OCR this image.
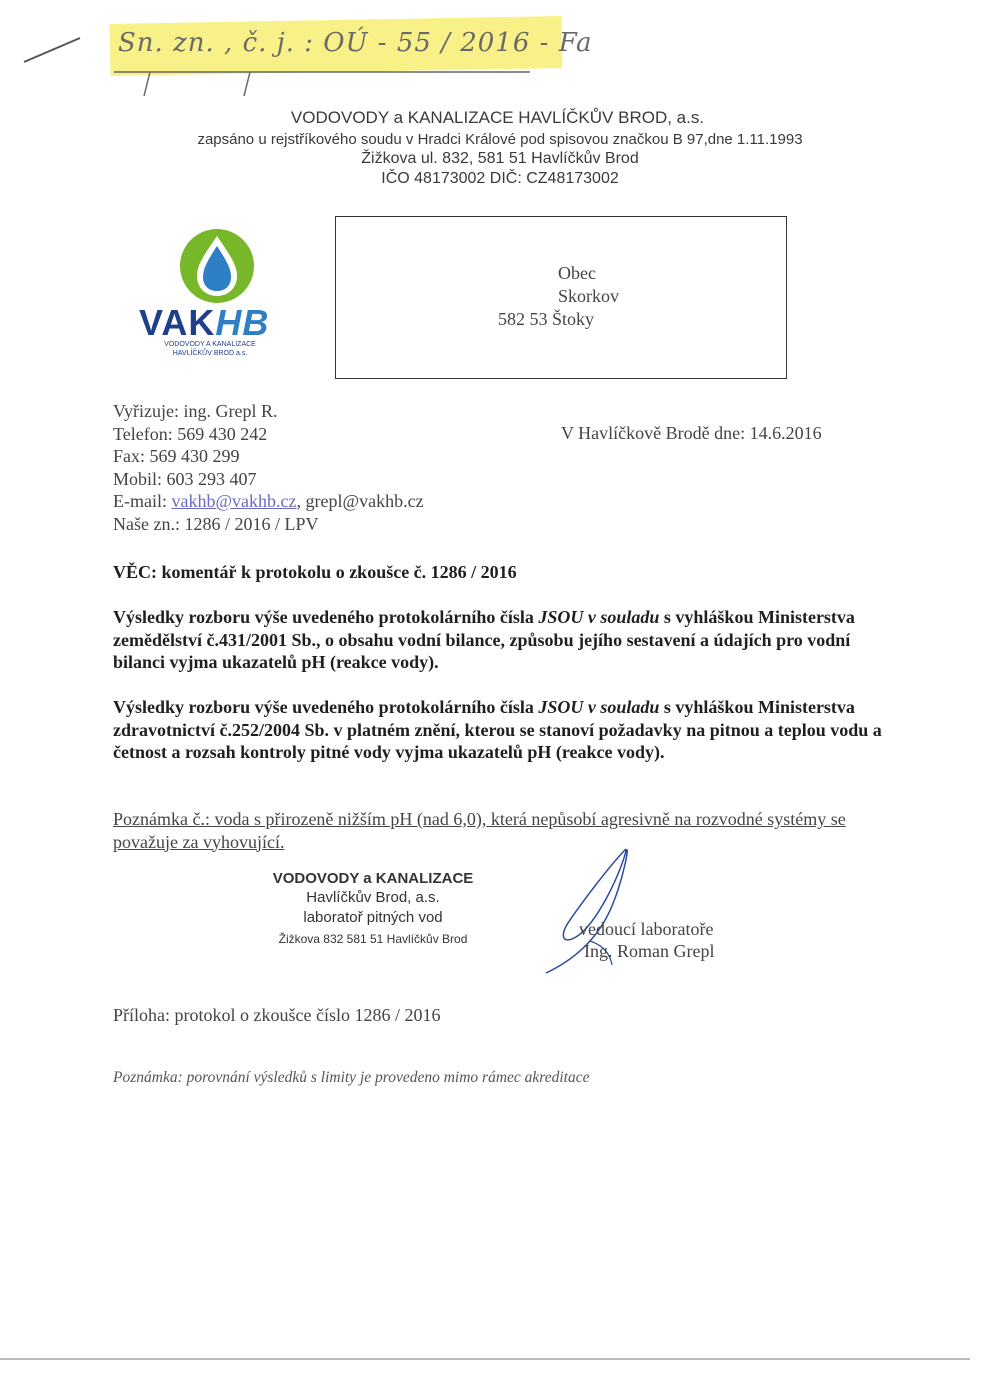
Sn. zn. , č. j. : OÚ - 55 / 2016 - Fa
VODOVODY a KANALIZACE HAVLÍČKŮV BROD, a.s.
zapsáno u rejstříkového soudu v Hradci Králové pod spisovou značkou B 97,dne 1.11.1993
Žižkova ul. 832, 581 51 Havlíčkův Brod
IČO 48173002 DIČ: CZ48173002
VAKHB
VODOVODY A KANALIZACE
HAVLÍČKŮV BROD a.s.
Obec
Skorkov
582 53 Štoky
Vyřizuje: ing. Grepl R.
Telefon: 569 430 242
Fax: 569 430 299
Mobil: 603 293 407
E-mail: vakhb@vakhb.cz, grepl@vakhb.cz
Naše zn.: 1286 / 2016 / LPV
V Havlíčkově Brodě dne: 14.6.2016
VĚC: komentář k protokolu o zkoušce č. 1286 / 2016
Výsledky rozboru výše uvedeného protokolárního čísla JSOU v souladu s vyhláškou Ministerstva zemědělství č.431/2001 Sb., o obsahu vodní bilance, způsobu jejího sestavení a údajích pro vodní bilanci vyjma ukazatelů pH (reakce vody).
Výsledky rozboru výše uvedeného protokolárního čísla JSOU v souladu s vyhláškou Ministerstva zdravotnictví č.252/2004 Sb. v platném znění, kterou se stanoví požadavky na pitnou a teplou vodu a četnost a rozsah kontroly pitné vody vyjma ukazatelů pH (reakce vody).
Poznámka č.: voda s přirozeně nižším pH (nad 6,0), která nepůsobí agresivně na rozvodné systémy se považuje za vyhovující.
VODOVODY a KANALIZACE
Havlíčkův Brod, a.s.
laboratoř pitných vod
Žižkova 832 581 51 Havlíčkův Brod	vedoucí laboratoře
Ing. Roman Grepl
Příloha: protokol o zkoušce číslo 1286 / 2016
Poznámka: porovnání výsledků s limity je provedeno mimo rámec akreditace
